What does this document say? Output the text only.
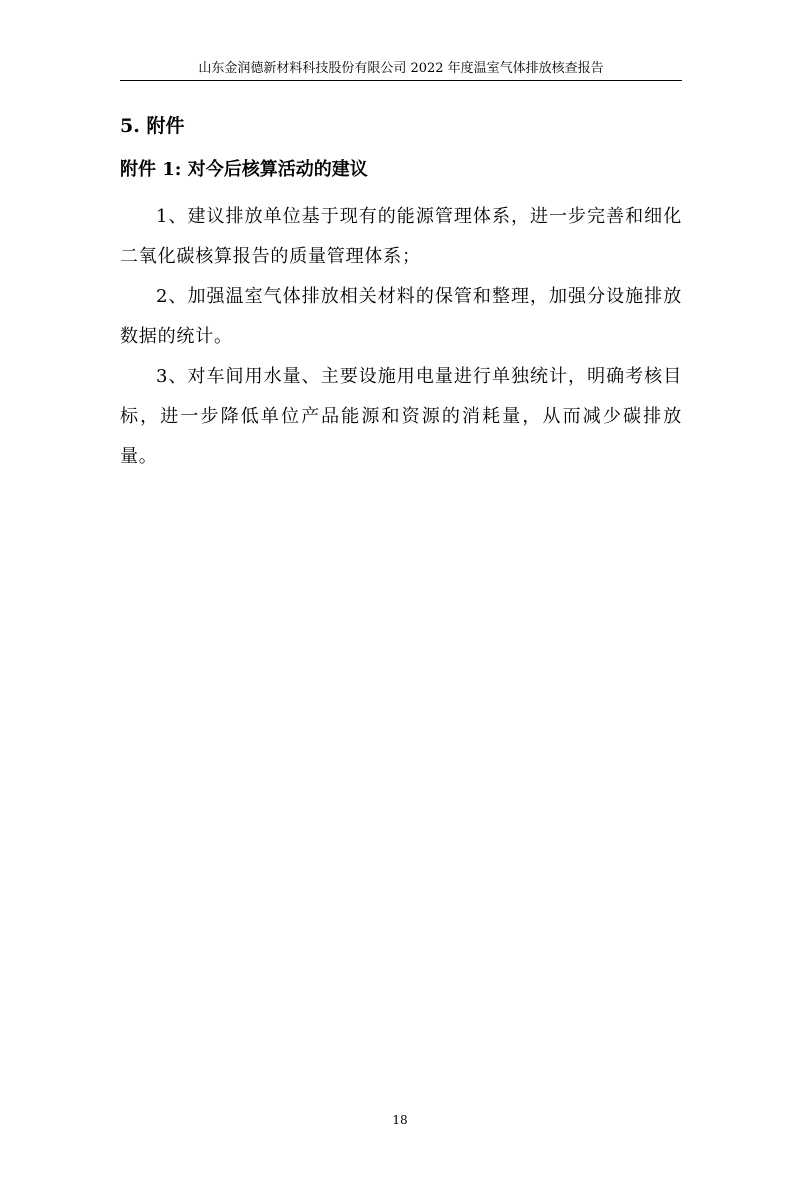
山东金润德新材料科技股份有限公司 2022 年度温室气体排放核查报告
5. 附件
附件 1: 对今后核算活动的建议

1、建议排放单位基于现有的能源管理体系，进一步完善和细化二氧化碳核算报告的质量管理体系；

2、加强温室气体排放相关材料的保管和整理，加强分设施排放数据的统计。

3、对车间用水量、主要设施用电量进行单独统计，明确考核目标，进一步降低单位产品能源和资源的消耗量，从而减少碳排放量。

18
